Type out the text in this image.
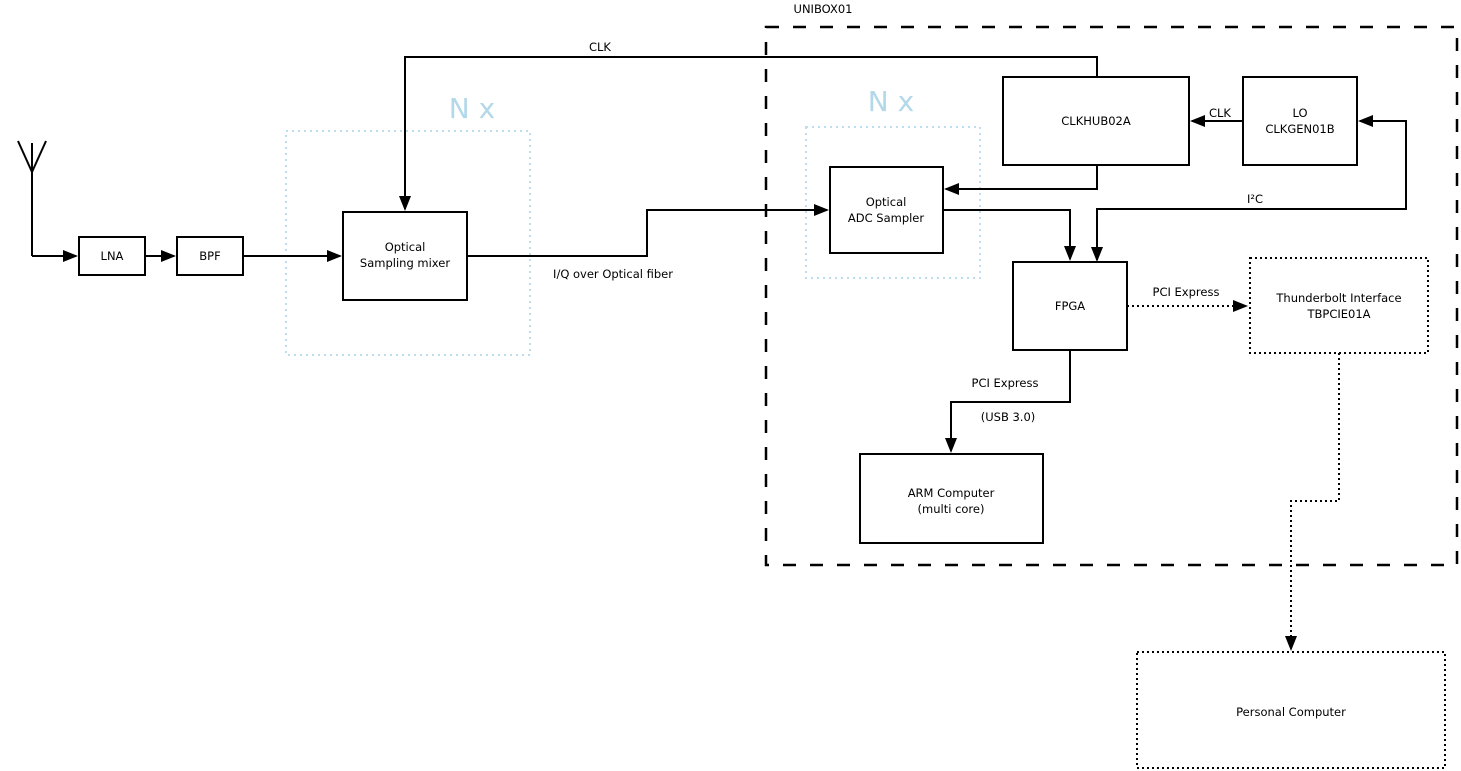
UNIBOX01
N x	N x
CLK
I/Q over Optical fiber
CLK
I²C
PCI Express
PCI Express
(USB 3.0)
LNA	BPF
Optical
Sampling mixer
Optical
ADC Sampler
CLKHUB02A
LO
CLKGEN01B
FPGA
Thunderbolt Interface
TBPCIE01A
ARM Computer
(multi core)
Personal Computer
